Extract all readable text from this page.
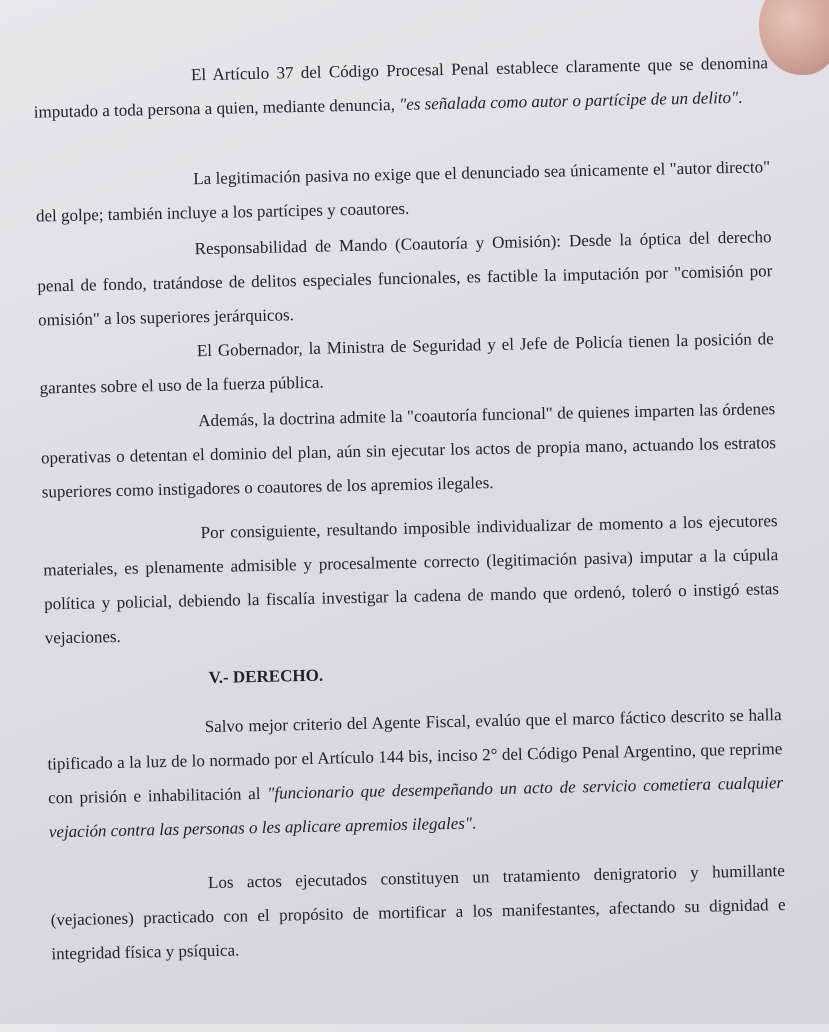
El Artículo 37 del Código Procesal Penal establece claramente que se denomina imputado a toda persona a quien, mediante denuncia, "es señalada como autor o partícipe de un delito".

La legitimación pasiva no exige que el denunciado sea únicamente el "autor directo" del golpe; también incluye a los partícipes y coautores.

Responsabilidad de Mando (Coautoría y Omisión): Desde la óptica del derecho penal de fondo, tratándose de delitos especiales funcionales, es factible la imputación por "comisión por omisión" a los superiores jerárquicos.

El Gobernador, la Ministra de Seguridad y el Jefe de Policía tienen la posición de garantes sobre el uso de la fuerza pública.

Además, la doctrina admite la "coautoría funcional" de quienes imparten las órdenes operativas o detentan el dominio del plan, aún sin ejecutar los actos de propia mano, actuando los estratos superiores como instigadores o coautores de los apremios ilegales.

Por consiguiente, resultando imposible individualizar de momento a los ejecutores materiales, es plenamente admisible y procesalmente correcto (legitimación pasiva) imputar a la cúpula política y policial, debiendo la fiscalía investigar la cadena de mando que ordenó, toleró o instigó estas vejaciones.

V.- DERECHO.

Salvo mejor criterio del Agente Fiscal, evalúo que el marco fáctico descrito se halla tipificado a la luz de lo normado por el Artículo 144 bis, inciso 2° del Código Penal Argentino, que reprime con prisión e inhabilitación al "funcionario que desempeñando un acto de servicio cometiera cualquier vejación contra las personas o les aplicare apremios ilegales".

Los actos ejecutados constituyen un tratamiento denigratorio y humillante (vejaciones) practicado con el propósito de mortificar a los manifestantes, afectando su dignidad e integridad física y psíquica.
